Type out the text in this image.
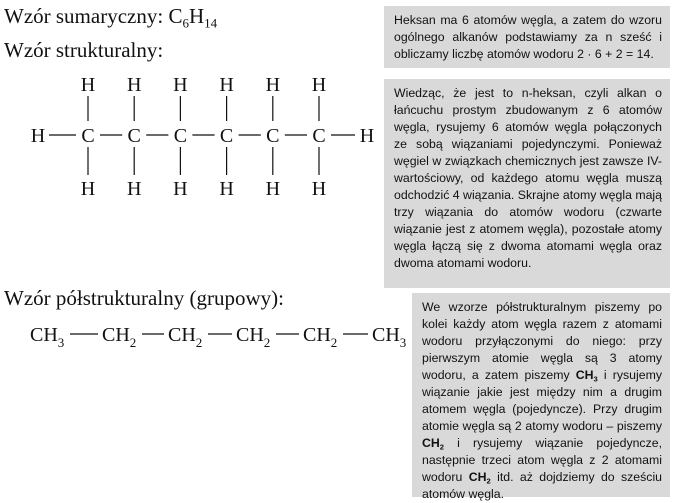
Wzór sumaryczny: $C_6H_{14}$
Wzór strukturalny:
C
H
H
C
H
H
C
H
H
C
H
H
C
H
H
C
H
H
H	H
Wzór półstrukturalny (grupowy):
$CH_3$ $CH_2$ $CH_2$ $CH_2$ $CH_2$ $CH_3$
Heksan ma 6 atomów węgla, a zatem do wzoru ogólnego alkanów podstawiamy za n sześć i obliczamy liczbę atomów wodoru 2 · 6 + 2 = 14.
Wiedząc, że jest to n-heksan, czyli alkan o łańcuchu prostym zbudowanym z 6 atomów węgla, rysujemy 6 atomów węgla połączonych ze sobą wiązaniami pojedynczymi. Ponieważ węgiel w związkach chemicznych jest zawsze IV-wartościowy, od każdego atomu węgla muszą odchodzić 4 wiązania. Skrajne atomy węgla mają trzy wiązania do atomów wodoru (czwarte wiązanie jest z atomem węgla), pozostałe atomy węgla łączą się z dwoma atomami węgla oraz dwoma atomami wodoru.
We wzorze półstrukturalnym piszemy po kolei każdy atom węgla razem z atomami wodoru przyłączonymi do niego: przy pierwszym atomie węgla są 3 atomy wodoru, a zatem piszemy $CH_3$ i rysujemy wiązanie jakie jest między nim a drugim atomem węgla (pojedyncze). Przy drugim atomie węgla są 2 atomy wodoru – piszemy $CH_2$ i rysujemy wiązanie pojedyncze, następnie trzeci atom węgla z 2 atomami wodoru $CH_2$ itd. aż dojdziemy do sześciu atomów węgla.
